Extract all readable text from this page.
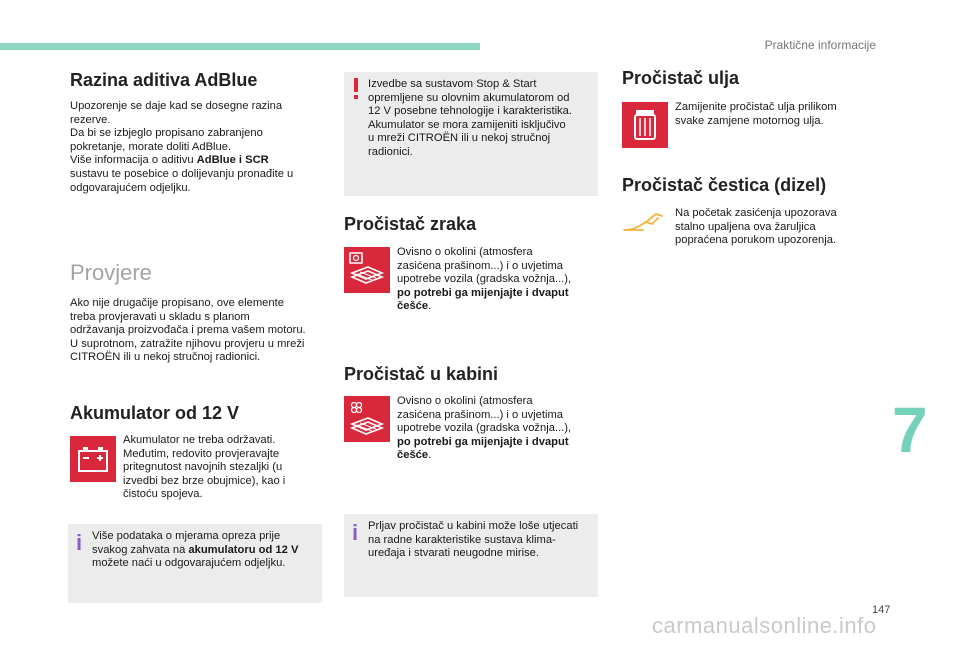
Praktične informacije
7
147
carmanualsonline.info
Razina aditiva AdBlue
Upozorenje se daje kad se dosegne razina
rezerve.
Da bi se izbjeglo propisano zabranjeno
pokretanje, morate doliti AdBlue.
Više informacija o aditivu AdBlue i SCR
sustavu te posebice o dolijevanju pronađite u
odgovarajućem odjeljku.
Provjere
Ako nije drugačije propisano, ove elemente
treba provjeravati u skladu s planom
održavanja proizvođača i prema vašem motoru.
U suprotnom, zatražite njihovu provjeru u mreži
CITROËN ili u nekoj stručnoj radionici.
Akumulator od 12 V
Akumulator ne treba održavati.
Međutim, redovito provjeravajte
pritegnutost navojnih stezaljki (u
izvedbi bez brze obujmice), kao i
čistoću spojeva.
i Više podataka o mjerama opreza prije
svakog zahvata na akumulatoru od 12 V
možete naći u odgovarajućem odjeljku.
Izvedbe sa sustavom Stop & Start
opremljene su olovnim akumulatorom od
12 V posebne tehnologije i karakteristika.
Akumulator se mora zamijeniti isključivo
u mreži CITROËN ili u nekoj stručnoj
radionici.
Pročistač zraka
Ovisno o okolini (atmosfera
zasićena prašinom...) i o uvjetima
upotrebe vozila (gradska vožnja...),
po potrebi ga mijenjajte i dvaput
češće.
Pročistač u kabini
Ovisno o okolini (atmosfera
zasićena prašinom...) i o uvjetima
upotrebe vozila (gradska vožnja...),
po potrebi ga mijenjajte i dvaput
češće.
i Prljav pročistač u kabini može loše utjecati
na radne karakteristike sustava klima-
uređaja i stvarati neugodne mirise.
Pročistač ulja
Zamijenite pročistač ulja prilikom
svake zamjene motornog ulja.
Pročistač čestica (dizel)
Na početak zasićenja upozorava
stalno upaljena ova žaruljica
popraćena porukom upozorenja.
